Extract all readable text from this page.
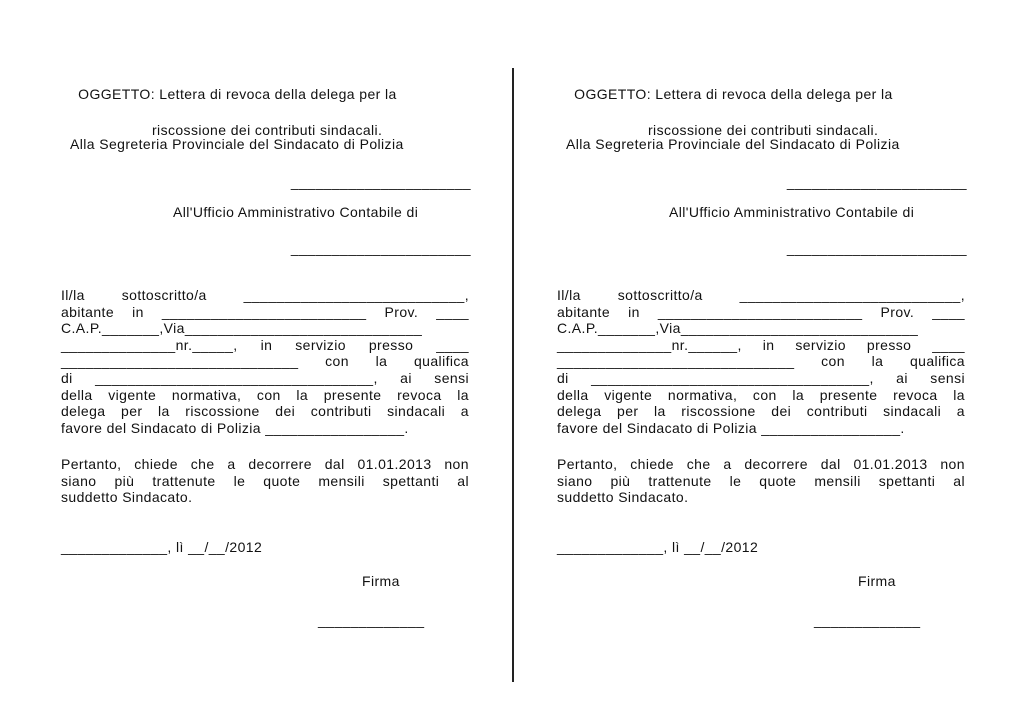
OGGETTO: Lettera di revoca della delega per la

riscossione dei contributi sindacali.

Alla Segreteria Provinciale del Sindacato di Polizia
______________________
All'Ufficio Amministrativo Contabile di
______________________
Il/la	sottoscritto/a	___________________________,
abitante in _________________________ Prov. ____
C.A.P._______,Via_____________________________
______________nr._____, in servizio presso ____
_____________________________ con la qualifica
di __________________________________, ai sensi
della vigente normativa, con la presente revoca la
delega per la riscossione dei contributi sindacali a
favore del Sindacato di Polizia _________________.
Pertanto, chiede che a decorrere dal 01.01.2013 non
siano più trattenute le quote mensili spettanti al
suddetto Sindacato.
_____________, lì __/__/2012
Firma
_____________

OGGETTO: Lettera di revoca della delega per la

riscossione dei contributi sindacali.

Alla Segreteria Provinciale del Sindacato di Polizia
______________________
All'Ufficio Amministrativo Contabile di
______________________
Il/la	sottoscritto/a	___________________________,
abitante in _________________________ Prov. ____
C.A.P._______,Via_____________________________
______________nr.______, in servizio presso ____
_____________________________ con la qualifica
di __________________________________, ai sensi
della vigente normativa, con la presente revoca la
delega per la riscossione dei contributi sindacali a
favore del Sindacato di Polizia _________________.
Pertanto, chiede che a decorrere dal 01.01.2013 non
siano più trattenute le quote mensili spettanti al
suddetto Sindacato.
_____________, lì __/__/2012
Firma
_____________
